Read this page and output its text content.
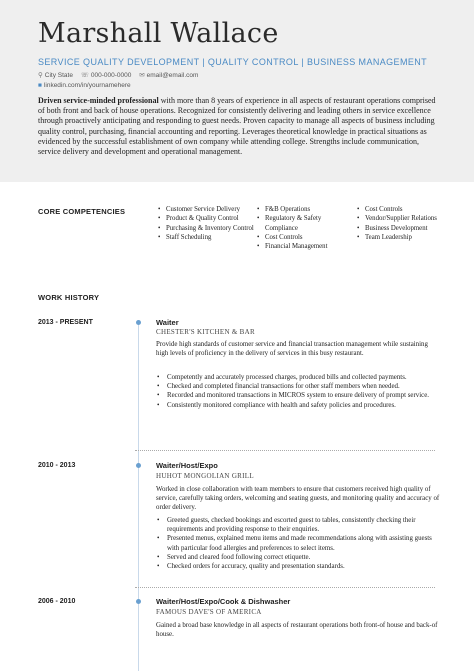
Marshall Wallace
SERVICE QUALITY DEVELOPMENT | QUALITY CONTROL | BUSINESS MANAGEMENT
⚲ City State ☏ 000-000-0000 ✉ email@email.com
■ linkedin.com/in/yournamehere
Driven service-minded professional with more than 8 years of experience in all aspects of restaurant operations comprised of both front and back of house operations. Recognized for consistently delivering and leading others in service excellence through proactively anticipating and responding to guest needs. Proven capacity to manage all aspects of business including quality control, purchasing, financial accounting and reporting. Leverages theoretical knowledge in practical situations as evidenced by the successful establishment of own company while attending college. Strengths include communication, service delivery and development and operational management.
CORE COMPETENCIES
•	Customer Service Delivery
• Product & Quality Control
• Purchasing & Inventory Control
• Staff Scheduling
• F&B Operations
• Regulatory & Safety Compliance
• Cost Controls
• Financial Management
• Cost Controls
• Vendor/Supplier Relations
• Business Development
• Team Leadership
WORK HISTORY
2013 - PRESENT	Waiter
CHESTER'S KITCHEN & BAR
Provide high standards of customer service and financial transaction management while sustaining high levels of proficiency in the delivery of services in this busy restaurant.
• Competently and accurately processed charges, produced bills and collected payments.
• Checked and completed financial transactions for other staff members when needed.
• Recorded and monitored transactions in MICROS system to ensure delivery of prompt service.
• Consistently monitored compliance with health and safety policies and procedures.
2010 - 2013	Waiter/Host/Expo
HUHOT MONGOLIAN GRILL
Worked in close collaboration with team members to ensure that customers received high quality of service, carefully taking orders, welcoming and seating guests, and monitoring quality and accuracy of order delivery.
• Greeted guests, checked bookings and escorted guest to tables, consistently checking their requirements and providing response to their enquiries.
• Presented menus, explained menu items and made recommendations along with assisting guests with particular food allergies and preferences to select items.
• Served and cleared food following correct etiquette.
• Checked orders for accuracy, quality and presentation standards.
2006 - 2010	Waiter/Host/Expo/Cook & Dishwasher
FAMOUS DAVE'S OF AMERICA
Gained a broad base knowledge in all aspects of restaurant operations both front-of house and back-of house.
